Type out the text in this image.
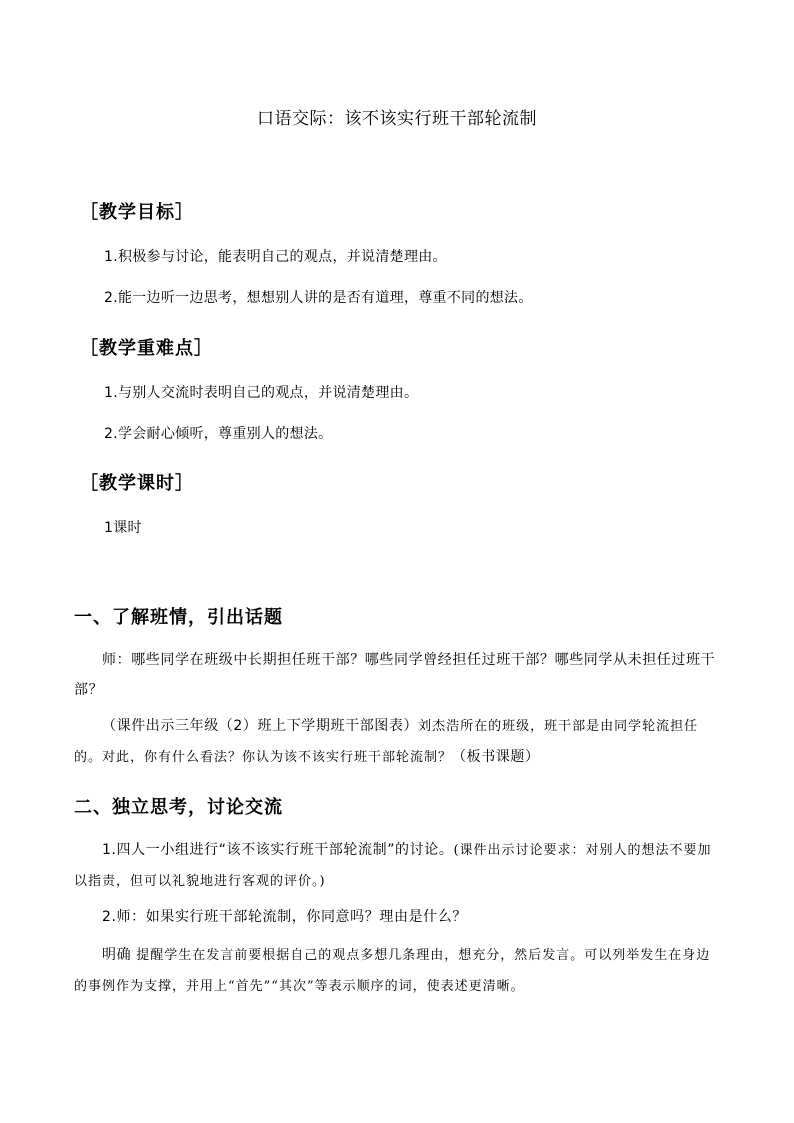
口语交际：该不该实行班干部轮流制
［教学目标］
1.积极参与讨论，能表明自己的观点，并说清楚理由。
2.能一边听一边思考，想想别人讲的是否有道理，尊重不同的想法。
［教学重难点］
1.与别人交流时表明自己的观点，并说清楚理由。
2.学会耐心倾听，尊重别人的想法。
［教学课时］
1课时
一、了解班情，引出话题
师：哪些同学在班级中长期担任班干部？哪些同学曾经担任过班干部？哪些同学从未担任过班干部？
（课件出示三年级（2）班上下学期班干部图表）刘杰浩所在的班级，班干部是由同学轮流担任的。对此，你有什么看法？你认为该不该实行班干部轮流制？（板书课题）
二、独立思考，讨论交流
1.四人一小组进行“该不该实行班干部轮流制”的讨论。(课件出示讨论要求：对别人的想法不要加以指责，但可以礼貌地进行客观的评价。)
2.师：如果实行班干部轮流制，你同意吗？理由是什么？
明确 提醒学生在发言前要根据自己的观点多想几条理由，想充分，然后发言。可以列举发生在身边的事例作为支撑，并用上“首先”“其次”等表示顺序的词，使表述更清晰。
